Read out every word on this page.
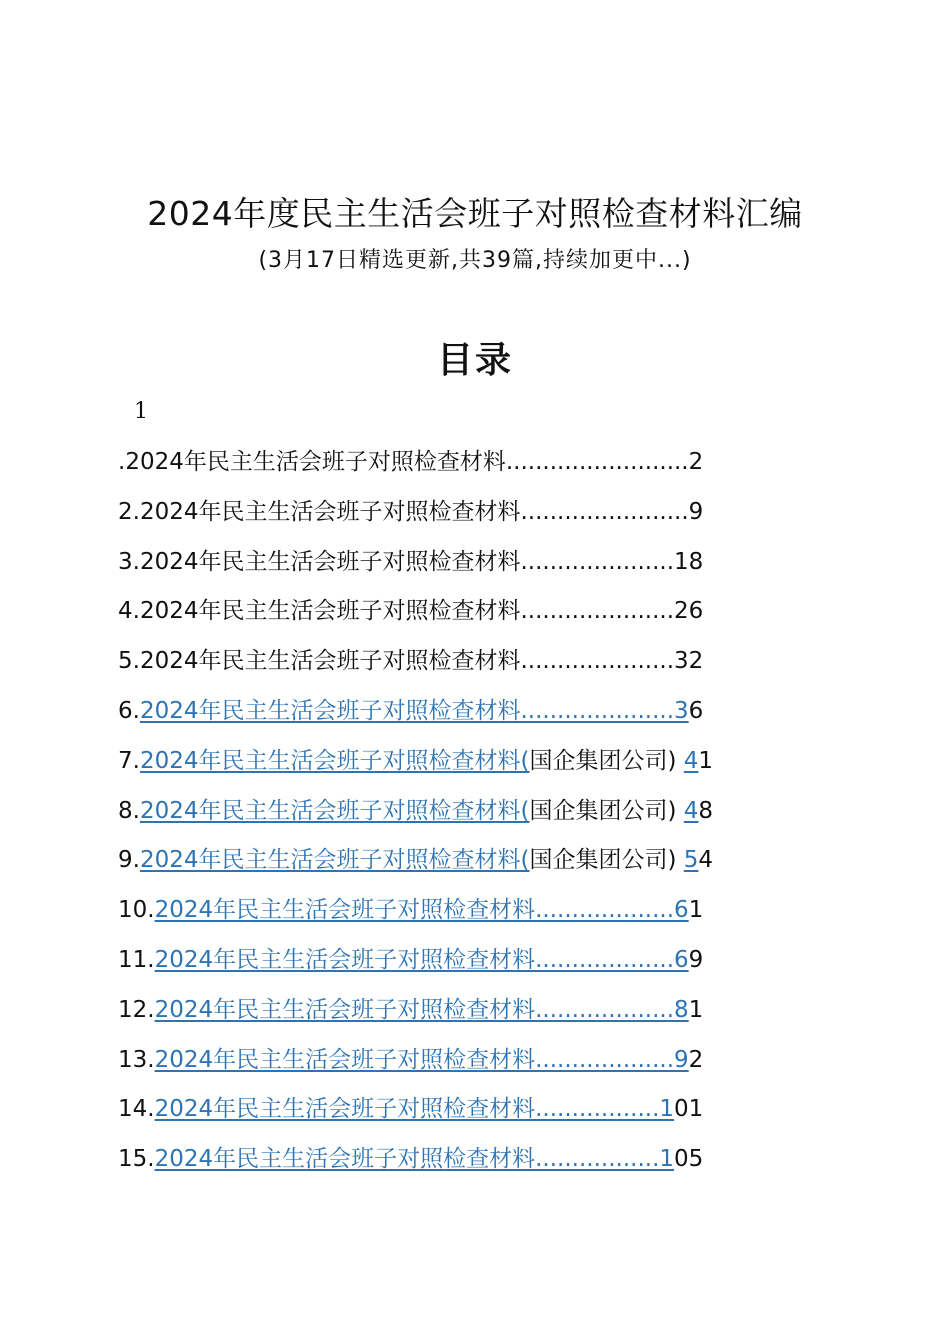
2024年度民主生活会班子对照检查材料汇编
(3月17日精选更新,共39篇,持续加更中...)
目录
1
.2024年民主生活会班子对照检查材料.........................2
2.2024年民主生活会班子对照检查材料.......................9
3.2024年民主生活会班子对照检查材料.....................18
4.2024年民主生活会班子对照检查材料.....................26
5.2024年民主生活会班子对照检查材料.....................32
6.2024年民主生活会班子对照检查材料.....................36
7.2024年民主生活会班子对照检查材料(国企集团公司) 41
8.2024年民主生活会班子对照检查材料(国企集团公司) 48
9.2024年民主生活会班子对照检查材料(国企集团公司) 54
10.2024年民主生活会班子对照检查材料...................61
11.2024年民主生活会班子对照检查材料...................69
12.2024年民主生活会班子对照检查材料...................81
13.2024年民主生活会班子对照检查材料...................92
14.2024年民主生活会班子对照检查材料.................101
15.2024年民主生活会班子对照检查材料.................105
